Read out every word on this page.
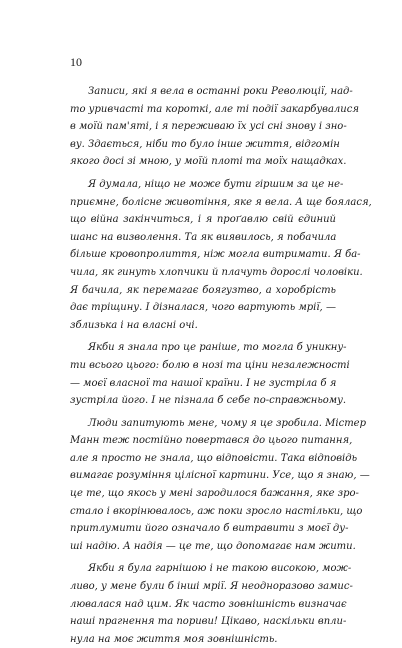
10
Записи, які я вела в останні роки Революції, над-
то уривчасті та короткі, але ті події закарбувалися
в моїй пам'яті, і я переживаю їх усі сні знову і зно-
ву. Здається, ніби то було інше життя, відгомін
якого досі зі мною, у моїй плоті та моїх нащадках.
Я думала, ніщо не може бути гіршим за це не-
приємне, болісне животіння, яке я вела. А ще боялася,
що війна закінчиться, і я проґавлю свій єдиний
шанс на визволення. Та як виявилось, я побачила
більше кровопролиття, ніж могла витримати. Я ба-
чила, як гинуть хлопчики й плачуть дорослі чоловіки.
Я бачила, як перемагає боягузтво, а хоробрість
дає тріщину. І дізналася, чого вартують мрії, —
зблизька і на власні очі.
Якби я знала про це раніше, то могла б уникну-
ти всього цього: болю в нозі та ціни незалежності
— моєї власної та нашої країни. І не зустріла б я
зустріла його. І не пізнала б себе по-справжньому.
Люди запитують мене, чому я це зробила. Містер
Манн теж постійно повертався до цього питання,
але я просто не знала, що відповісти. Така відповідь
вимагає розуміння цілісної картини. Усе, що я знаю, —
це те, що якось у мені зародилося бажання, яке зро-
стало і вкорінювалось, аж поки зросло настільки, що
притлумити його означало б витравити з моєї ду-
ші надію. А надія — це те, що допомагає нам жити.
Якби я була гарнішою і не такою високою, мож-
ливо, у мене були б інші мрії. Я неодноразово замис-
лювалася над цим. Як часто зовнішність визначає
наші прагнення та пориви! Цікаво, наскільки впли-
нула на моє життя моя зовнішність.
